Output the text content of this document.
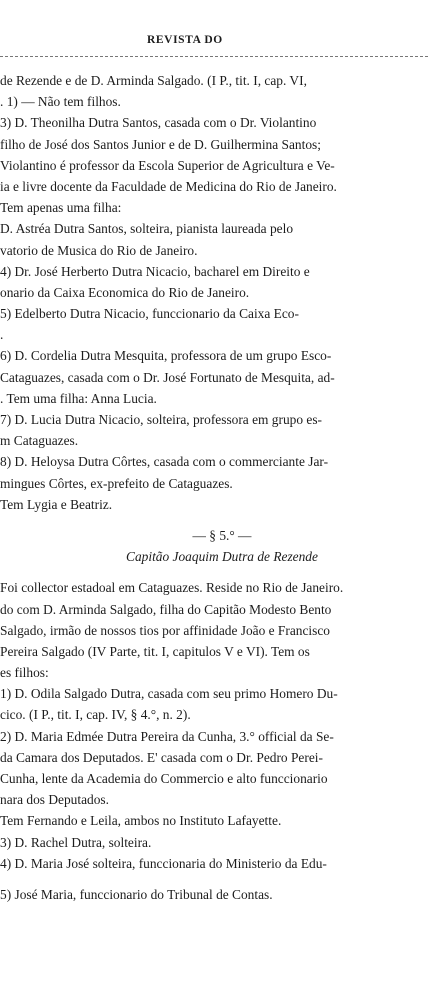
REVISTA DO
de Rezende e de D. Arminda Salgado. (I P., tit. I, cap. VI,
. 1) — Não tem filhos.
3) D. Theonilha Dutra Santos, casada com o Dr. Violantino
filho de José dos Santos Junior e de D. Guilhermina Santos;
Violantino é professor da Escola Superior de Agricultura e Ve-
ia e livre docente da Faculdade de Medicina do Rio de Janeiro.
Tem apenas uma filha:
D. Astréa Dutra Santos, solteira, pianista laureada pelo
vatorio de Musica do Rio de Janeiro.
4) Dr. José Herberto Dutra Nicacio, bacharel em Direito e
onario da Caixa Economica do Rio de Janeiro.
5) Edelberto Dutra Nicacio, funccionario da Caixa Eco-
.
6) D. Cordelia Dutra Mesquita, professora de um grupo Esco-
Cataguazes, casada com o Dr. José Fortunato de Mesquita, ad-
. Tem uma filha: Anna Lucia.
7) D. Lucia Dutra Nicacio, solteira, professora em grupo es-
m Cataguazes.
8) D. Heloysa Dutra Côrtes, casada com o commerciante Jar-
mingues Côrtes, ex-prefeito de Cataguazes.
Tem Lygia e Beatriz.
— § 5.° —
Capitão Joaquim Dutra de Rezende
Foi collector estadoal em Cataguazes. Reside no Rio de Janeiro.
do com D. Arminda Salgado, filha do Capitão Modesto Bento
Salgado, irmão de nossos tios por affinidade João e Francisco
Pereira Salgado (IV Parte, tit. I, capitulos V e VI). Tem os
es filhos:
1) D. Odila Salgado Dutra, casada com seu primo Homero Du-
cico. (I P., tit. I, cap. IV, § 4.°, n. 2).
2) D. Maria Edmée Dutra Pereira da Cunha, 3.° official da Se-
da Camara dos Deputados. E' casada com o Dr. Pedro Perei-
Cunha, lente da Academia do Commercio e alto funccionario
nara dos Deputados.
Tem Fernando e Leila, ambos no Instituto Lafayette.
3) D. Rachel Dutra, solteira.
4) D. Maria José solteira, funccionaria do Ministerio da Edu-
5) José Maria, funccionario do Tribunal de Contas.
